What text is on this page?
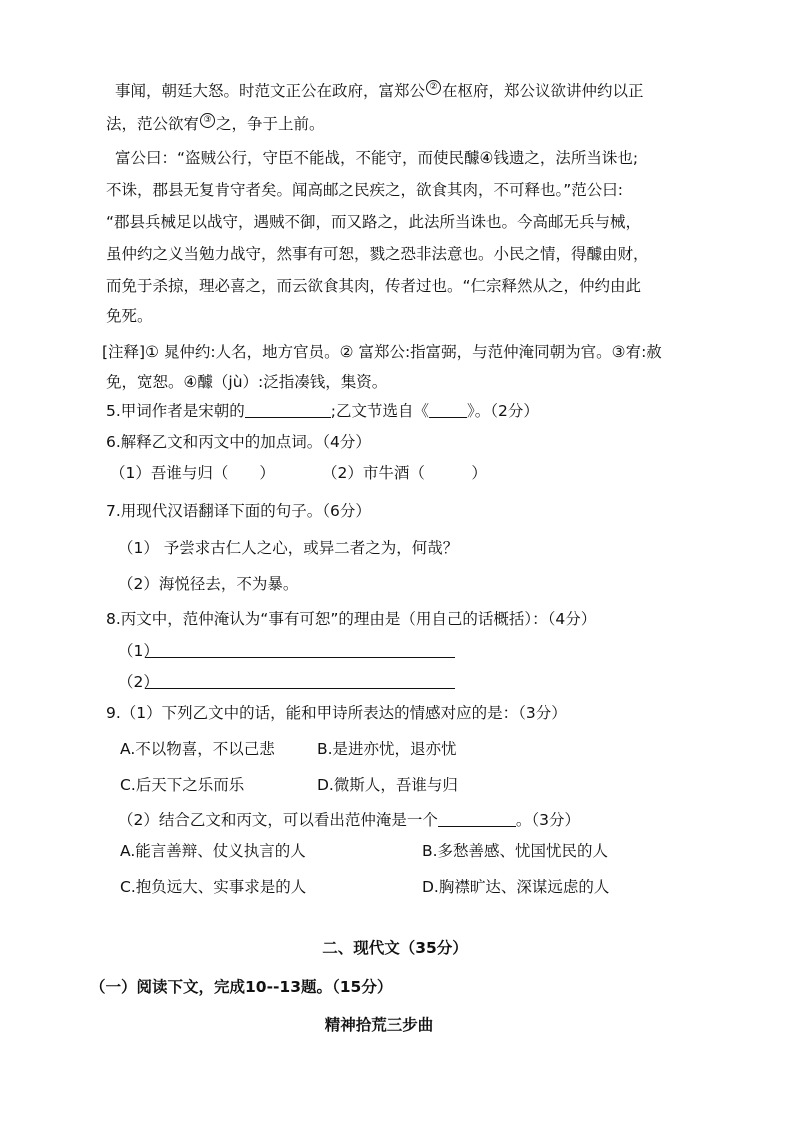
事闻，朝廷大怒。时范文正公在政府，富郑公 ② 在枢府，郑公议欲讲仲约以正
法，范公欲宥 ③ 之，争于上前。
富公曰：“盗贼公行，守臣不能战，不能守，而使民醵④钱遗之，法所当诛也;
不诛，郡县无复肯守者矣。闻高邮之民疾之，欲食其肉，不可释也。”范公曰:
“郡县兵械足以战守，遇贼不御，而又路之，此法所当诛也。今高邮无兵与械，
虽仲约之义当勉力战守，然事有可恕，戮之恐非法意也。小民之情，得醵由财，
而免于杀掠，理必喜之，而云欲食其肉，传者过也。“仁宗释然从之，仲约由此
免死。
[注释]① 晁仲约:人名，地方官员。② 富郑公:指富弼，与范仲淹同朝为官。③宥:赦
免，宽恕。④醵（jù）:泛指凑钱，集资。
5.甲词作者是宋朝的	;乙文节选自《 》。（2分）
6.解释乙文和丙文中的加点词。（4分）
（1）吾谁与归（　　）	（2）市牛酒（　　　）
7.用现代汉语翻译下面的句子。（6分）
（1） 予尝求古仁人之心，或异二者之为，何哉？
（2）海悦径去，不为暴。
8.丙文中，范仲淹认为“事有可恕”的理由是（用自己的话概括）：（4分）
（1）
（2）
9.（1）下列乙文中的话，能和甲诗所表达的情感对应的是：（3分）
A.不以物喜，不以己悲	B.是进亦忧，退亦忧
C.后天下之乐而乐	D.微斯人，吾谁与归
（2）结合乙文和丙文，可以看出范仲淹是一个	。（3分）
A.能言善辩、仗义执言的人	B.多愁善感、忧国忧民的人
C.抱负远大、实事求是的人	D.胸襟旷达、深谋远虑的人
二、现代文（35分）
（一）阅读下文，完成10--13题。（15分）
精神拾荒三步曲
